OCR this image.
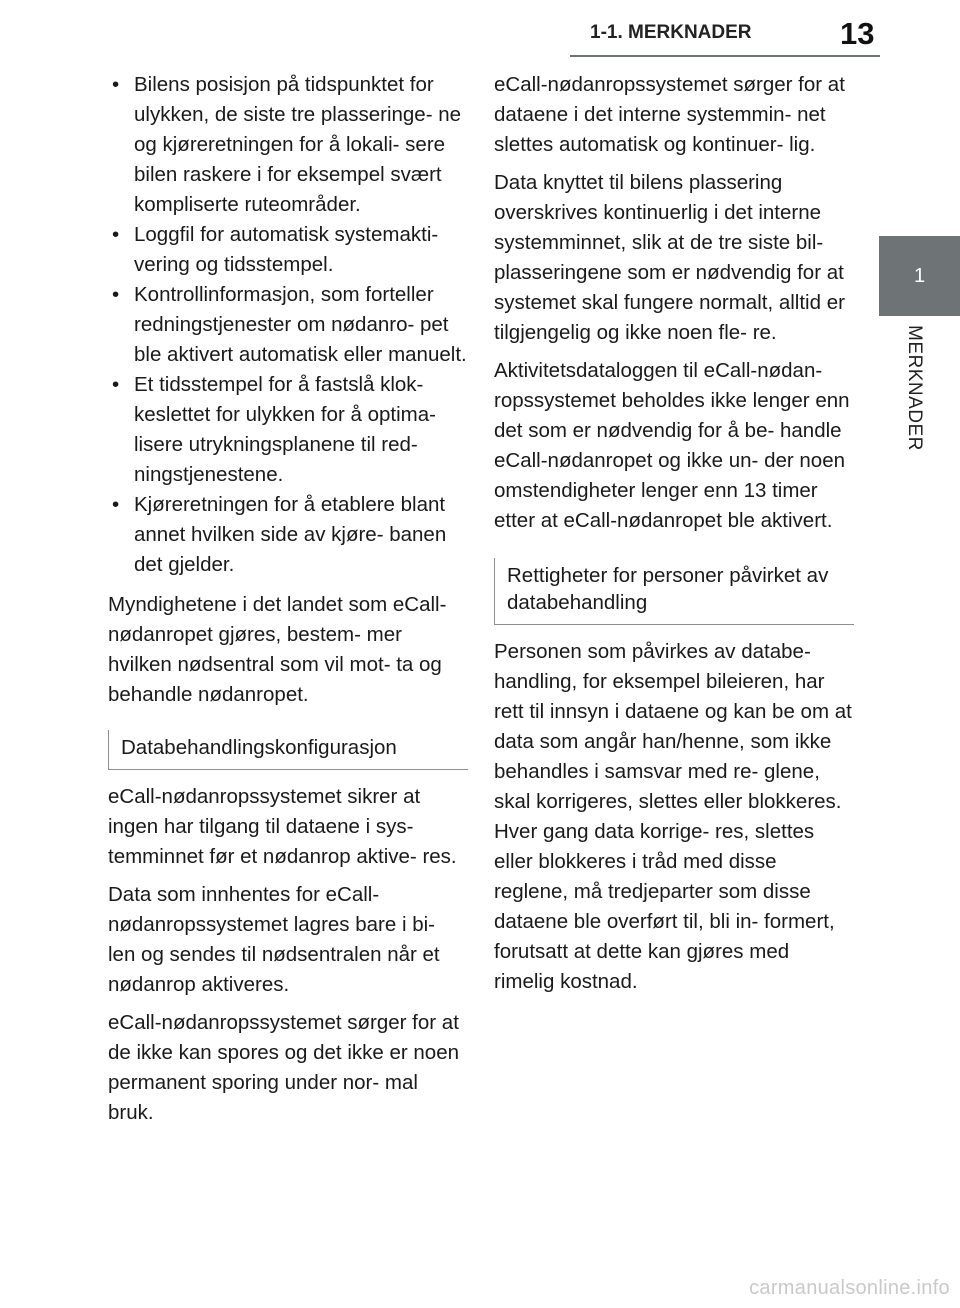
1-1. MERKNADER	13
1
MERKNADER
• Bilens posisjon på tidspunktet for ulykken, de siste tre plasseringe- ne og kjøreretningen for å lokali- sere bilen raskere i for eksempel svært kompliserte ruteområder.
• Loggfil for automatisk systemakti- vering og tidsstempel.
• Kontrollinformasjon, som forteller redningstjenester om nødanro- pet ble aktivert automatisk eller manuelt.
• Et tidsstempel for å fastslå klok- keslettet for ulykken for å optima- lisere utrykningsplanene til red- ningstjenestene.
• Kjøreretningen for å etablere blant annet hvilken side av kjøre- banen det gjelder.

Myndighetene i det landet som eCall-nødanropet gjøres, bestem- mer hvilken nødsentral som vil mot- ta og behandle nødanropet.

Databehandlingskonfigurasjon

eCall-nødanropssystemet sikrer at ingen har tilgang til dataene i sys- temminnet før et nødanrop aktive- res.

Data som innhentes for eCall- nødanropssystemet lagres bare i bi- len og sendes til nødsentralen når et nødanrop aktiveres.

eCall-nødanropssystemet sørger for at de ikke kan spores og det ikke er noen permanent sporing under nor- mal bruk.

eCall-nødanropssystemet sørger for at dataene i det interne systemmin- net slettes automatisk og kontinuer- lig.

Data knyttet til bilens plassering overskrives kontinuerlig i det interne systemminnet, slik at de tre siste bil- plasseringene som er nødvendig for at systemet skal fungere normalt, alltid er tilgjengelig og ikke noen fle- re.

Aktivitetsdataloggen til eCall-nødan- ropssystemet beholdes ikke lenger enn det som er nødvendig for å be- handle eCall-nødanropet og ikke un- der noen omstendigheter lenger enn 13 timer etter at eCall-nødanropet ble aktivert.

Rettigheter for personer påvirket av databehandling

Personen som påvirkes av databe- handling, for eksempel bileieren, har rett til innsyn i dataene og kan be om at data som angår han/henne, som ikke behandles i samsvar med re- glene, skal korrigeres, slettes eller blokkeres. Hver gang data korrige- res, slettes eller blokkeres i tråd med disse reglene, må tredjeparter som disse dataene ble overført til, bli in- formert, forutsatt at dette kan gjøres med rimelig kostnad.

carmanualsonline.info
